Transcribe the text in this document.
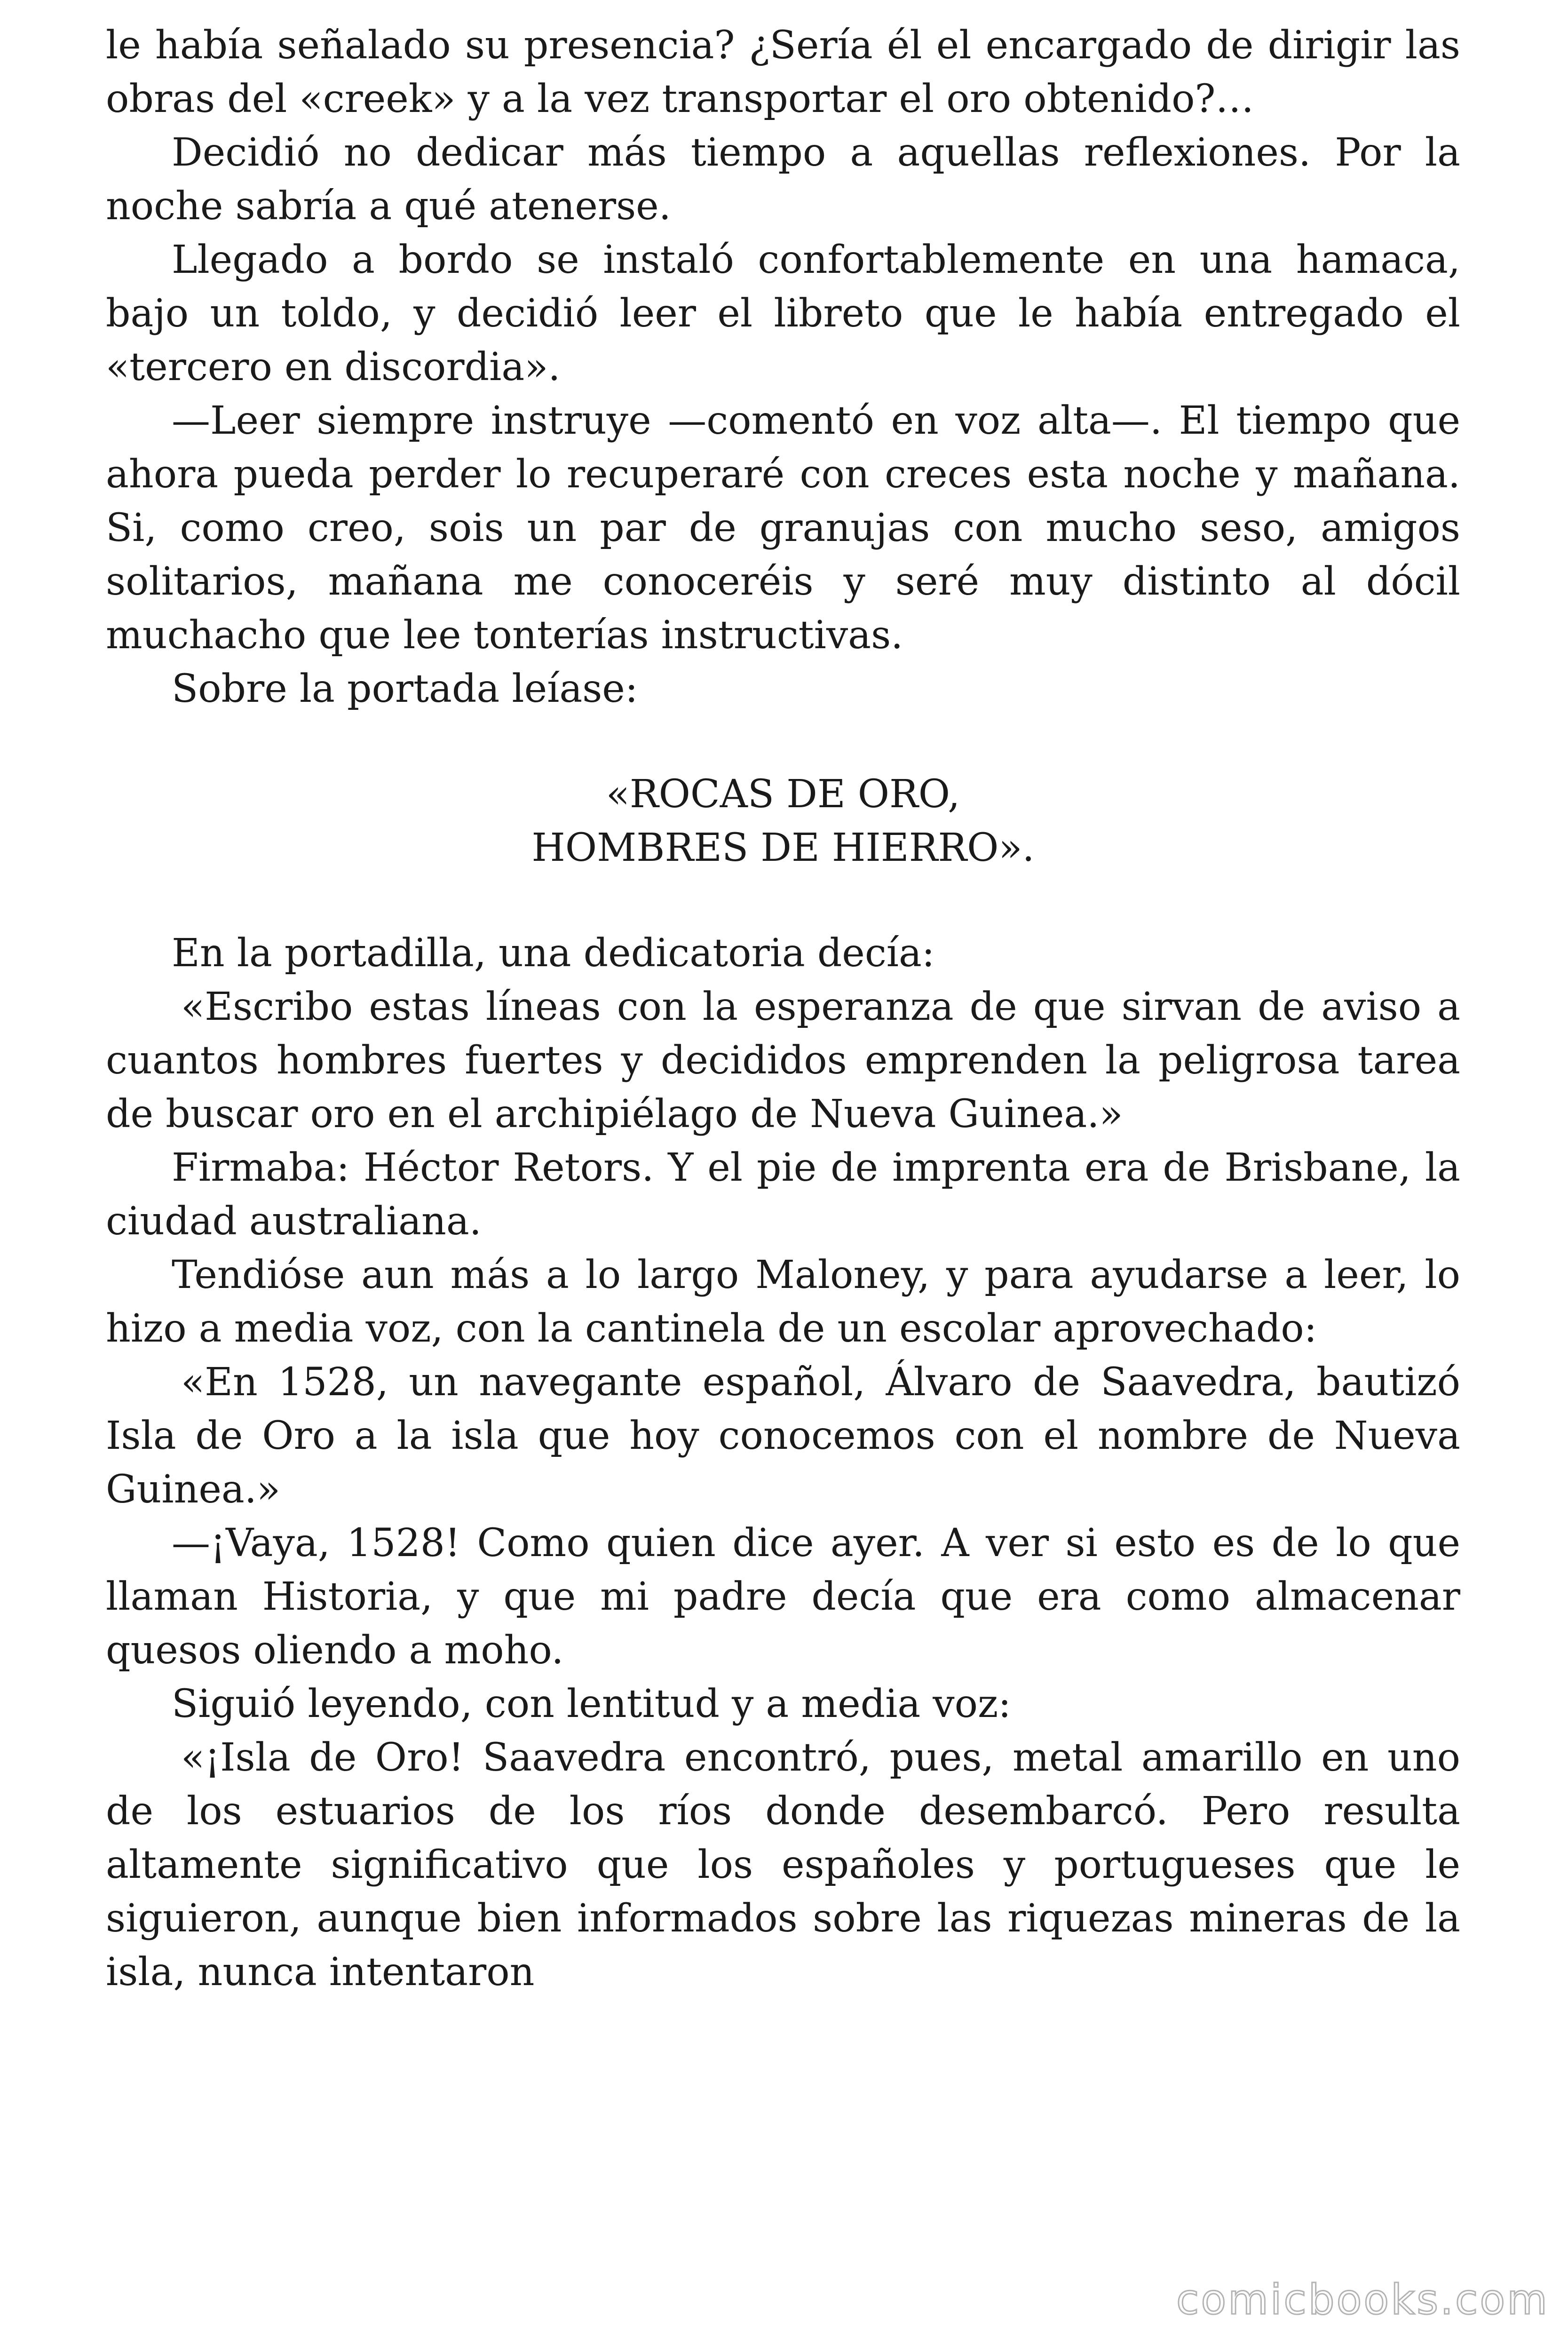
le había señalado su presencia? ¿Sería él el encargado de dirigir las obras del «creek» y a la vez transportar el oro obtenido?…

Decidió no dedicar más tiempo a aquellas reflexiones. Por la noche sabría a qué atenerse.

Llegado a bordo se instaló confortablemente en una hamaca, bajo un toldo, y decidió leer el libreto que le había entregado el «tercero en discordia».

—Leer siempre instruye —comentó en voz alta—. El tiempo que ahora pueda perder lo recuperaré con creces esta noche y mañana. Si, como creo, sois un par de granujas con mucho seso, amigos solitarios, mañana me conoceréis y seré muy distinto al dócil muchacho que lee tonterías instructivas.

Sobre la portada leíase:

«ROCAS DE ORO,
HOMBRES DE HIERRO».

En la portadilla, una dedicatoria decía:

«Escribo estas líneas con la esperanza de que sirvan de aviso a cuantos hombres fuertes y decididos emprenden la peligrosa tarea de buscar oro en el archipiélago de Nueva Guinea.»

Firmaba: Héctor Retors. Y el pie de imprenta era de Brisbane, la ciudad australiana.

Tendióse aun más a lo largo Maloney, y para ayudarse a leer, lo hizo a media voz, con la cantinela de un escolar aprovechado:

«En 1528, un navegante español, Álvaro de Saavedra, bautizó Isla de Oro a la isla que hoy conocemos con el nombre de Nueva Guinea.»

—¡Vaya, 1528! Como quien dice ayer. A ver si esto es de lo que llaman Historia, y que mi padre decía que era como almacenar quesos oliendo a moho.

Siguió leyendo, con lentitud y a media voz:

«¡Isla de Oro! Saavedra encontró, pues, metal amarillo en uno de los estuarios de los ríos donde desembarcó. Pero resulta altamente significativo que los españoles y portugueses que le siguieron, aunque bien informados sobre las riquezas mineras de la isla, nunca intentaron

comicbooks.com
